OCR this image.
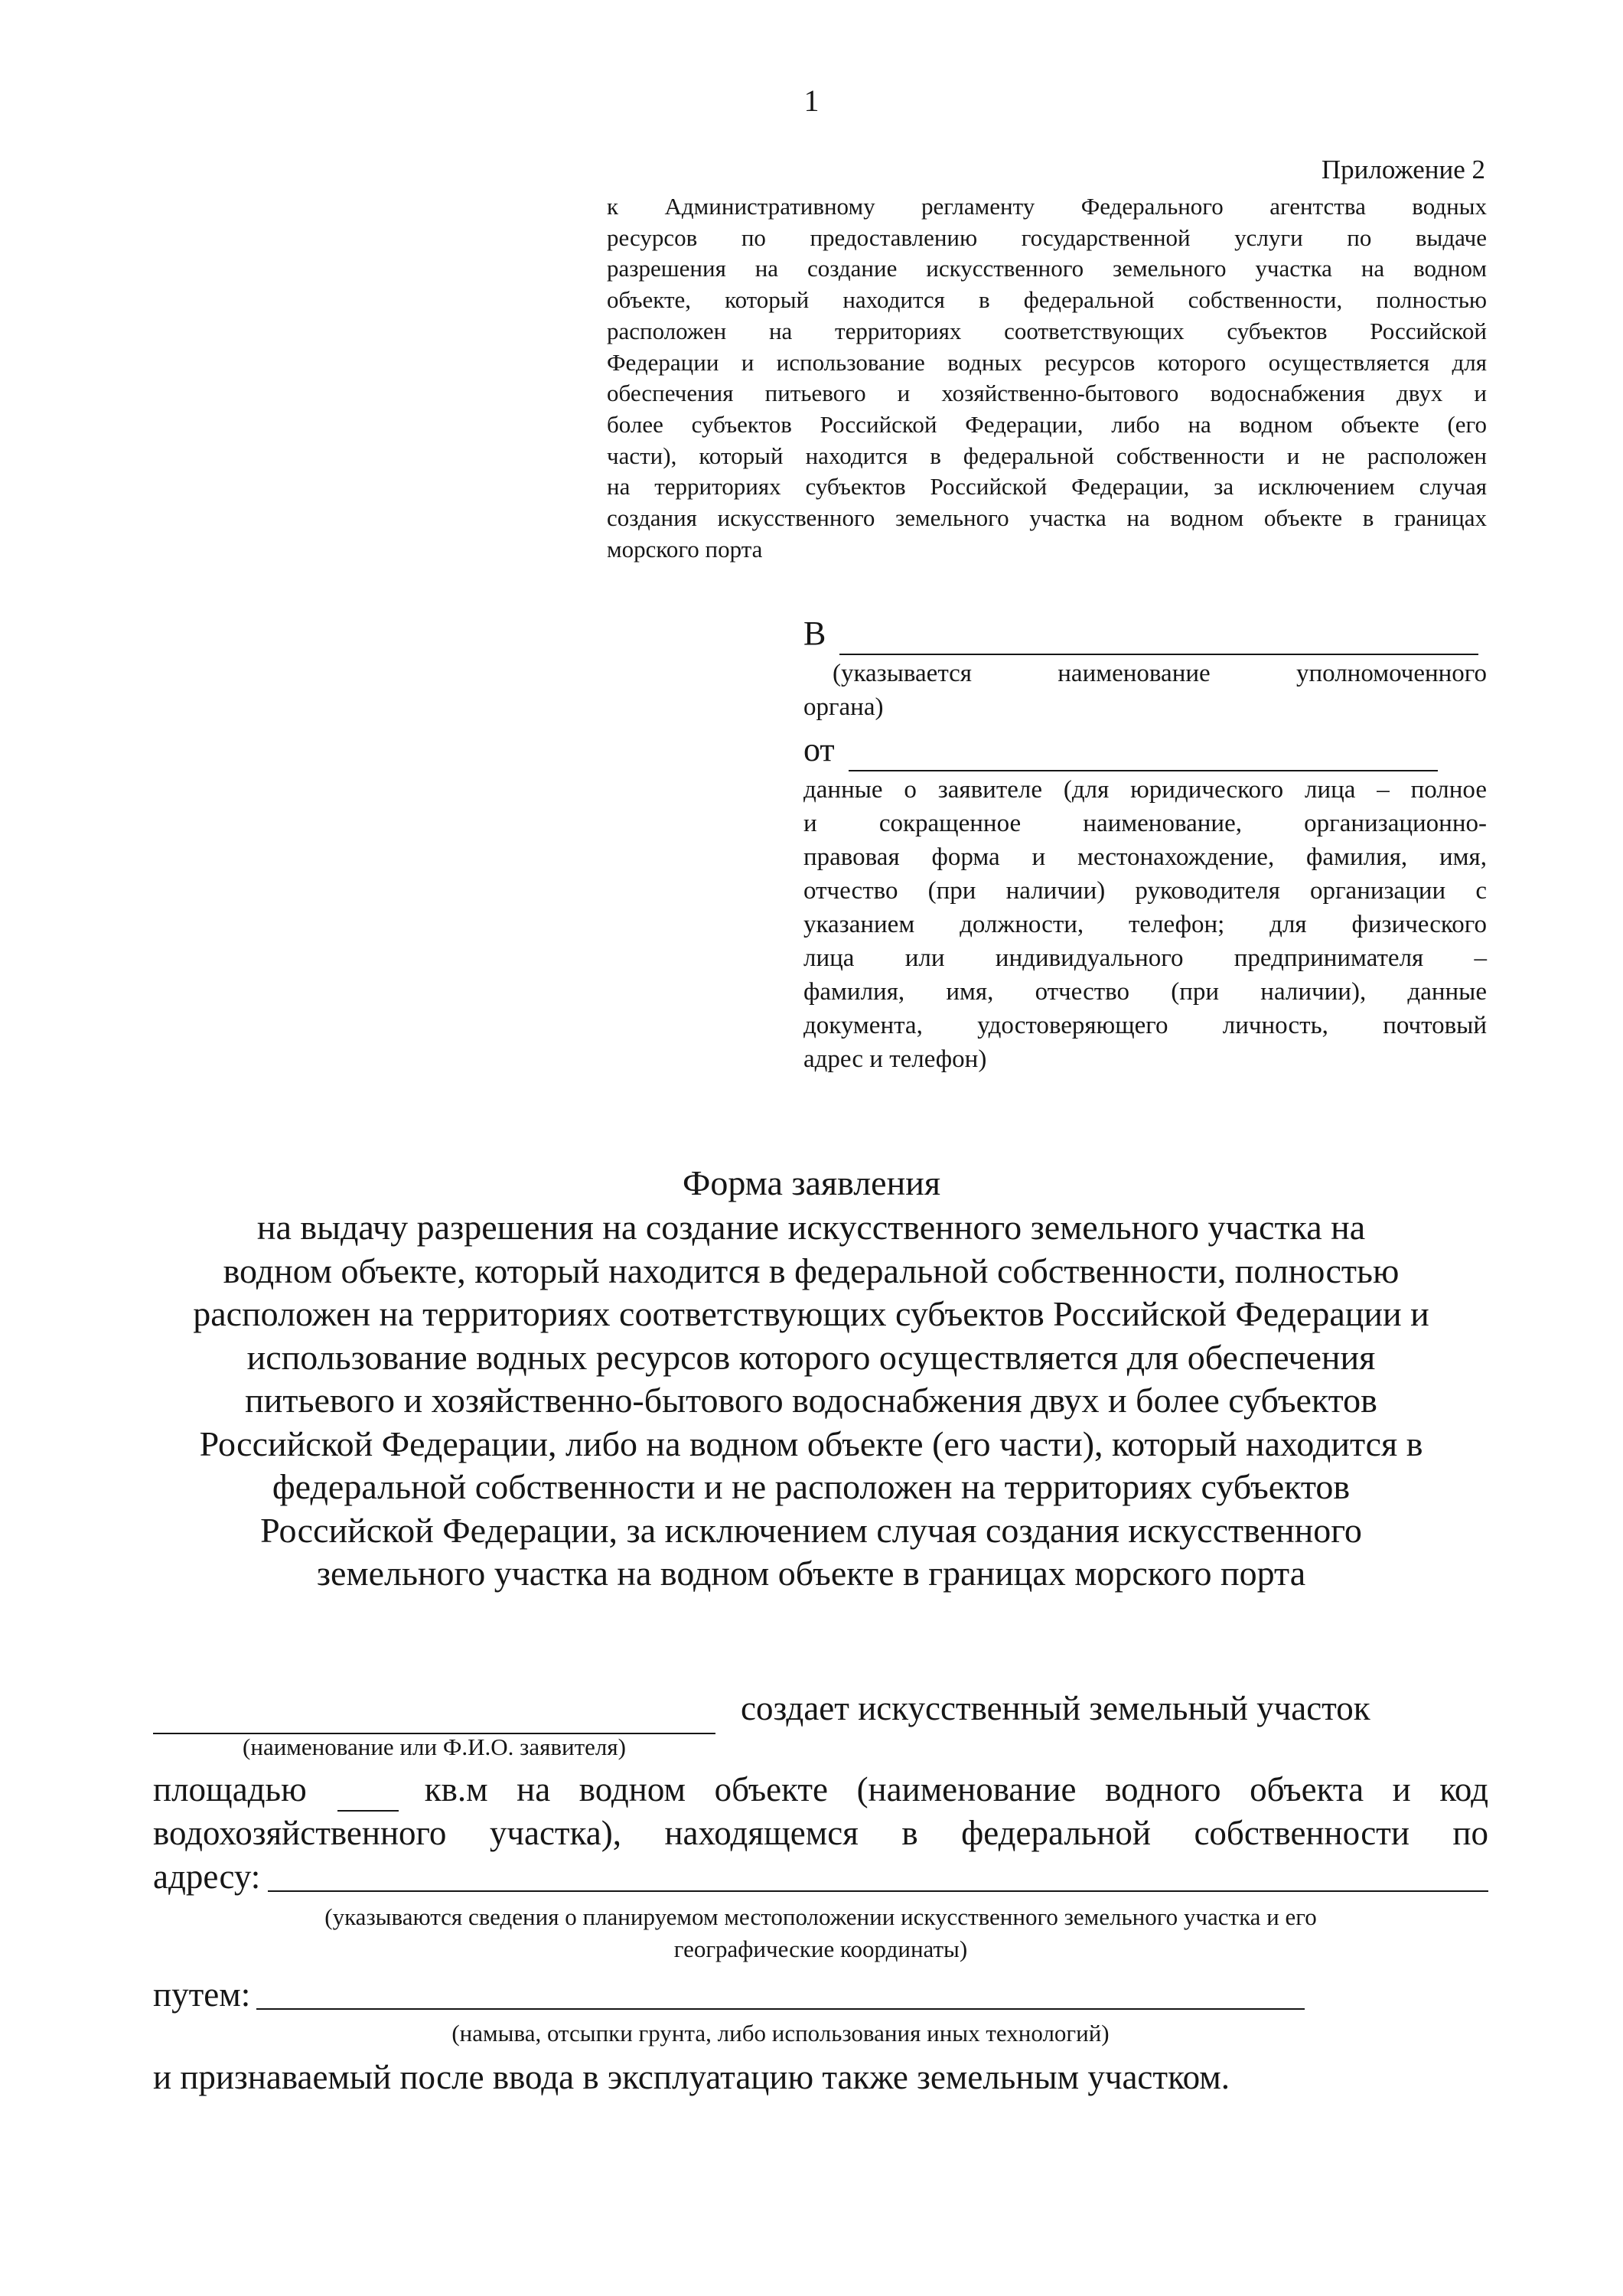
1
Приложение 2
к Административному регламенту Федерального агентства водных
ресурсов по предоставлению государственной услуги по выдаче
разрешения на создание искусственного земельного участка на водном
объекте, который находится в федеральной собственности, полностью
расположен на территориях соответствующих субъектов Российской
Федерации и использование водных ресурсов которого осуществляется для
обеспечения питьевого и хозяйственно-бытового водоснабжения двух и
более субъектов Российской Федерации, либо на водном объекте (его
части), который находится в федеральной собственности и не расположен
на территориях субъектов Российской Федерации, за исключением случая
создания искусственного земельного участка на водном объекте в границах
морского порта
В
(указывается наименование уполномоченного
органа)
от
данные о заявителе (для юридического лица – полное
и сокращенное наименование, организационно-
правовая форма и местонахождение, фамилия, имя,
отчество (при наличии) руководителя организации с
указанием должности, телефон; для физического
лица или индивидуального предпринимателя –
фамилия, имя, отчество (при наличии), данные
документа, удостоверяющего личность, почтовый
адрес и телефон)
Форма заявления
на выдачу разрешения на создание искусственного земельного участка на
водном объекте, который находится в федеральной собственности, полностью
расположен на территориях соответствующих субъектов Российской Федерации и
использование водных ресурсов которого осуществляется для обеспечения
питьевого и хозяйственно-бытового водоснабжения двух и более субъектов
Российской Федерации, либо на водном объекте (его части), который находится в
федеральной собственности и не расположен на территориях субъектов
Российской Федерации, за исключением случая создания искусственного
земельного участка на водном объекте в границах морского порта
создает искусственный земельный участок
(наименование или Ф.И.О. заявителя)
площадью	кв.м на водном объекте (наименование водного объекта и код
водохозяйственного участка), находящемся в федеральной собственности по
адресу:
(указываются сведения о планируемом местоположении искусственного земельного участка и его
географические координаты)
путем:
(намыва, отсыпки грунта, либо использования иных технологий)
и признаваемый после ввода в эксплуатацию также земельным участком.
